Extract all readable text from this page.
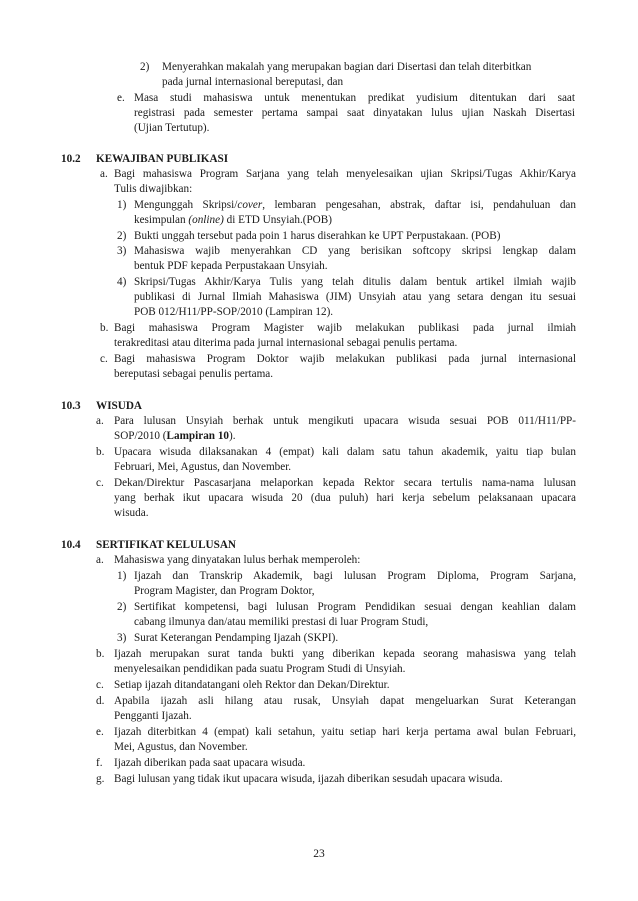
2) Menyerahkan makalah yang merupakan bagian dari Disertasi dan telah diterbitkan
pada jurnal internasional bereputasi, dan
e. Masa studi mahasiswa untuk menentukan predikat yudisium ditentukan dari saat
registrasi pada semester pertama sampai saat dinyatakan lulus ujian Naskah Disertasi
(Ujian Tertutup).
10.2 KEWAJIBAN PUBLIKASI
a. Bagi mahasiswa Program Sarjana yang telah menyelesaikan ujian Skripsi/Tugas Akhir/Karya
Tulis diwajibkan:
1) Mengunggah Skripsi/cover, lembaran pengesahan, abstrak, daftar isi, pendahuluan dan
kesimpulan (online) di ETD Unsyiah.(POB)
2) Bukti unggah tersebut pada poin 1 harus diserahkan ke UPT Perpustakaan. (POB)
3) Mahasiswa wajib menyerahkan CD yang berisikan softcopy skripsi lengkap dalam
bentuk PDF kepada Perpustakaan Unsyiah.
4) Skripsi/Tugas Akhir/Karya Tulis yang telah ditulis dalam bentuk artikel ilmiah wajib
publikasi di Jurnal Ilmiah Mahasiswa (JIM) Unsyiah atau yang setara dengan itu sesuai
POB 012/H11/PP-SOP/2010 (Lampiran 12).
b. Bagi mahasiswa Program Magister wajib melakukan publikasi pada jurnal ilmiah
terakreditasi atau diterima pada jurnal internasional sebagai penulis pertama.
c. Bagi mahasiswa Program Doktor wajib melakukan publikasi pada jurnal internasional
bereputasi sebagai penulis pertama.
10.3 WISUDA
a. Para lulusan Unsyiah berhak untuk mengikuti upacara wisuda sesuai POB 011/H11/PP-
SOP/2010 (Lampiran 10).
b. Upacara wisuda dilaksanakan 4 (empat) kali dalam satu tahun akademik, yaitu tiap bulan
Februari, Mei, Agustus, dan November.
c. Dekan/Direktur Pascasarjana melaporkan kepada Rektor secara tertulis nama-nama lulusan
yang berhak ikut upacara wisuda 20 (dua puluh) hari kerja sebelum pelaksanaan upacara
wisuda.
10.4 SERTIFIKAT KELULUSAN
a. Mahasiswa yang dinyatakan lulus berhak memperoleh:
1) Ijazah dan Transkrip Akademik, bagi lulusan Program Diploma, Program Sarjana,
Program Magister, dan Program Doktor,
2) Sertifikat kompetensi, bagi lulusan Program Pendidikan sesuai dengan keahlian dalam
cabang ilmunya dan/atau memiliki prestasi di luar Program Studi,
3) Surat Keterangan Pendamping Ijazah (SKPI).
b. Ijazah merupakan surat tanda bukti yang diberikan kepada seorang mahasiswa yang telah
menyelesaikan pendidikan pada suatu Program Studi di Unsyiah.
c. Setiap ijazah ditandatangani oleh Rektor dan Dekan/Direktur.
d. Apabila ijazah asli hilang atau rusak, Unsyiah dapat mengeluarkan Surat Keterangan
Pengganti Ijazah.
e. Ijazah diterbitkan 4 (empat) kali setahun, yaitu setiap hari kerja pertama awal bulan Februari,
Mei, Agustus, dan November.
f. Ijazah diberikan pada saat upacara wisuda.
g. Bagi lulusan yang tidak ikut upacara wisuda, ijazah diberikan sesudah upacara wisuda.
23
